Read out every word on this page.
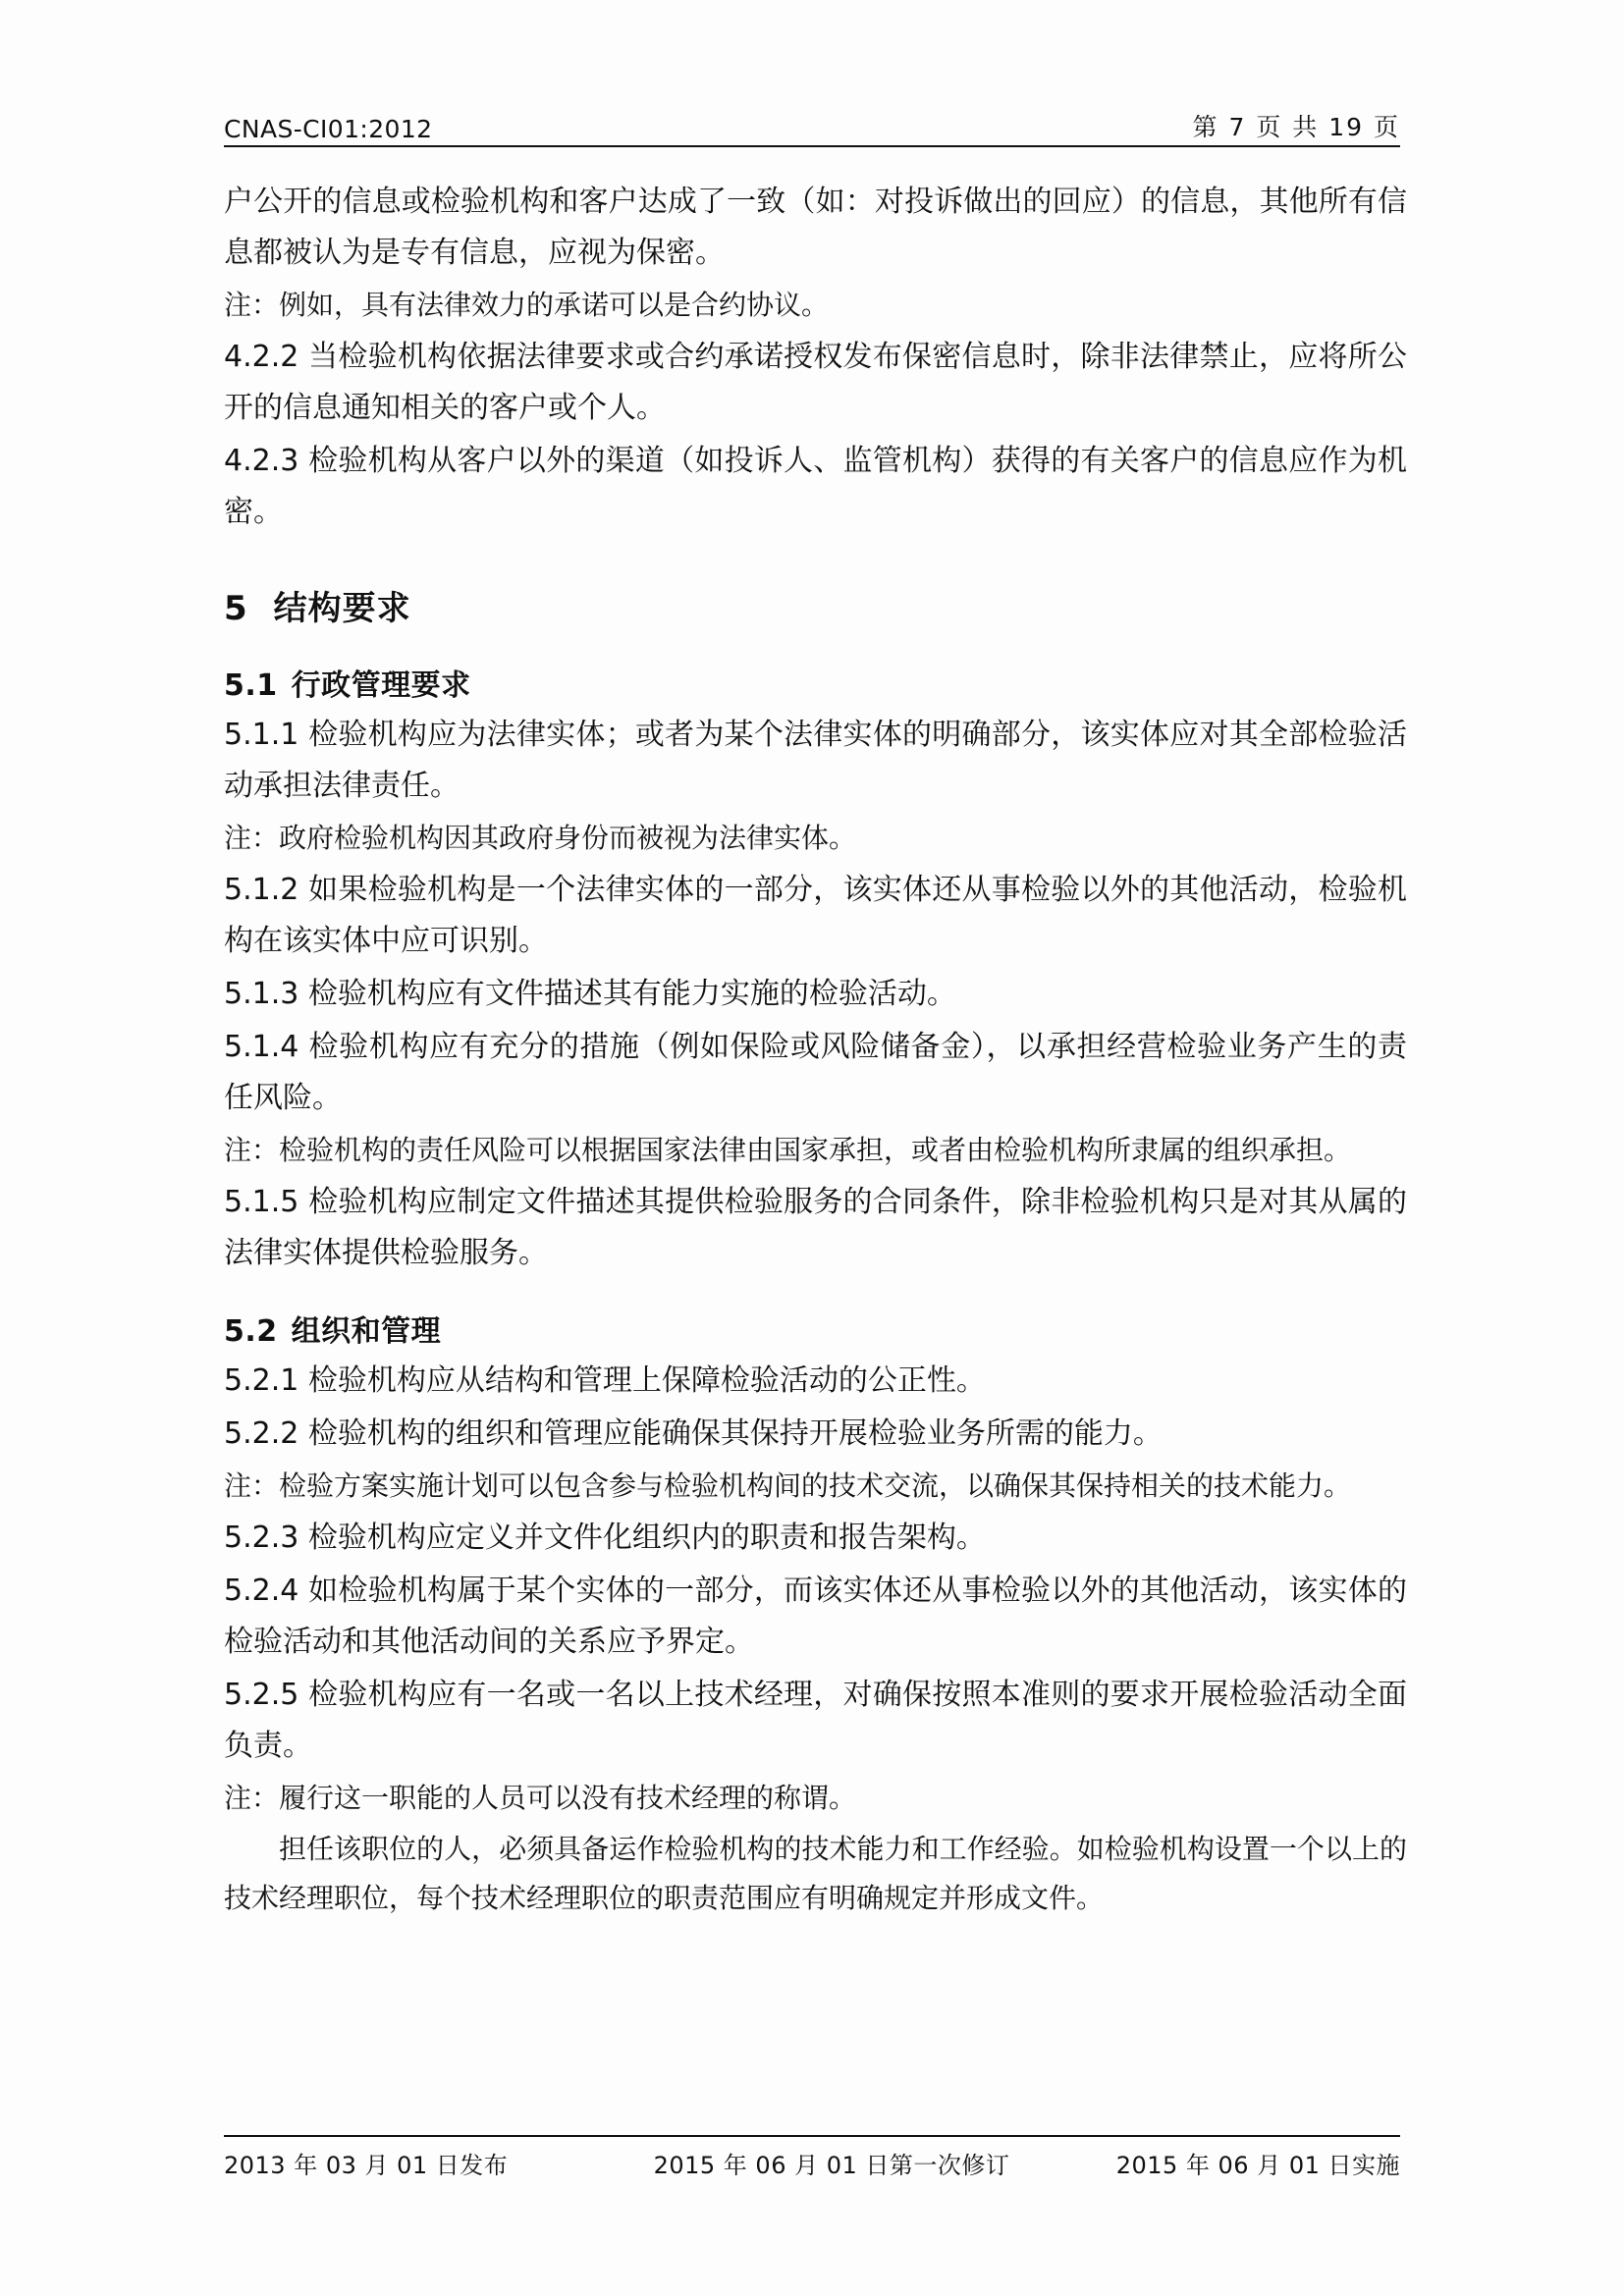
CNAS-CI01:2012	第 7 页 共 19 页

户公开的信息或检验机构和客户达成了一致（如：对投诉做出的回应）的信息，其他所有信息都被认为是专有信息，应视为保密。

注：例如，具有法律效力的承诺可以是合约协议。

4.2.2 当检验机构依据法律要求或合约承诺授权发布保密信息时，除非法律禁止，应将所公开的信息通知相关的客户或个人。

4.2.3 检验机构从客户以外的渠道（如投诉人、监管机构）获得的有关客户的信息应作为机密。

5 结构要求

5.1 行政管理要求

5.1.1 检验机构应为法律实体；或者为某个法律实体的明确部分，该实体应对其全部检验活动承担法律责任。

注：政府检验机构因其政府身份而被视为法律实体。

5.1.2 如果检验机构是一个法律实体的一部分，该实体还从事检验以外的其他活动，检验机构在该实体中应可识别。

5.1.3 检验机构应有文件描述其有能力实施的检验活动。

5.1.4 检验机构应有充分的措施（例如保险或风险储备金），以承担经营检验业务产生的责任风险。

注：检验机构的责任风险可以根据国家法律由国家承担，或者由检验机构所隶属的组织承担。

5.1.5 检验机构应制定文件描述其提供检验服务的合同条件，除非检验机构只是对其从属的法律实体提供检验服务。

5.2 组织和管理

5.2.1 检验机构应从结构和管理上保障检验活动的公正性。

5.2.2 检验机构的组织和管理应能确保其保持开展检验业务所需的能力。

注：检验方案实施计划可以包含参与检验机构间的技术交流，以确保其保持相关的技术能力。

5.2.3 检验机构应定义并文件化组织内的职责和报告架构。

5.2.4 如检验机构属于某个实体的一部分，而该实体还从事检验以外的其他活动，该实体的检验活动和其他活动间的关系应予界定。

5.2.5 检验机构应有一名或一名以上技术经理，对确保按照本准则的要求开展检验活动全面负责。

注：履行这一职能的人员可以没有技术经理的称谓。

担任该职位的人，必须具备运作检验机构的技术能力和工作经验。如检验机构设置一个以上的技术经理职位，每个技术经理职位的职责范围应有明确规定并形成文件。

2013 年 03 月 01 日发布	2015 年 06 月 01 日第一次修订	2015 年 06 月 01 日实施
